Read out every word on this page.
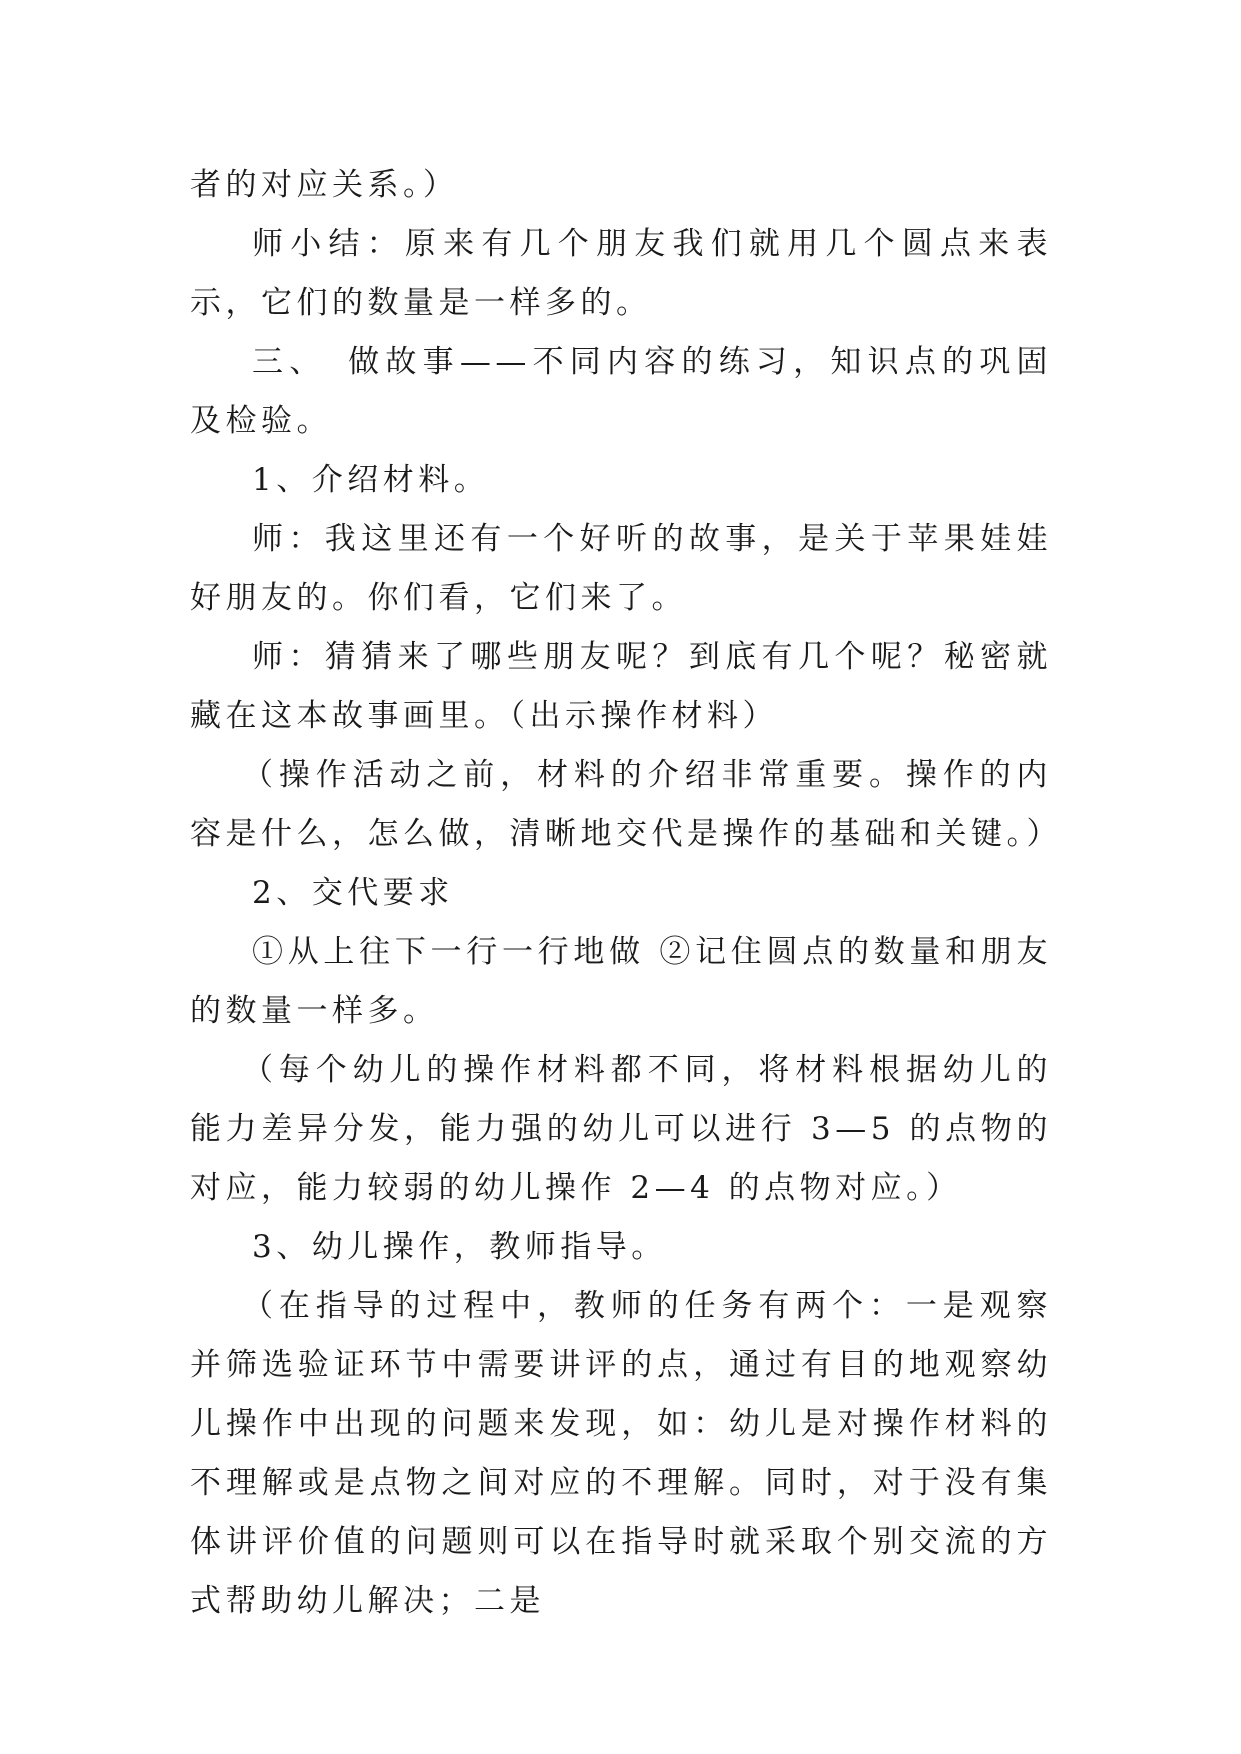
者的对应关系。）

师小结：原来有几个朋友我们就用几个圆点来表示，它们的数量是一样多的。

三、　做故事——不同内容的练习，知识点的巩固及检验。

1、介绍材料。

师：我这里还有一个好听的故事，是关于苹果娃娃好朋友的。你们看，它们来了。

师：猜猜来了哪些朋友呢？到底有几个呢？秘密就藏在这本故事画里。（出示操作材料）

（操作活动之前，材料的介绍非常重要。操作的内容是什么，怎么做，清晰地交代是操作的基础和关键。）

2、交代要求

①从上往下一行一行地做 ②记住圆点的数量和朋友的数量一样多。

（每个幼儿的操作材料都不同，将材料根据幼儿的能力差异分发，能力强的幼儿可以进行 3—5 的点物的对应，能力较弱的幼儿操作 2—4 的点物对应。）

3、幼儿操作，教师指导。

（在指导的过程中，教师的任务有两个：一是观察并筛选验证环节中需要讲评的点，通过有目的地观察幼儿操作中出现的问题来发现，如：幼儿是对操作材料的不理解或是点物之间对应的不理解。同时，对于没有集体讲评价值的问题则可以在指导时就采取个别交流的方式帮助幼儿解决；二是
